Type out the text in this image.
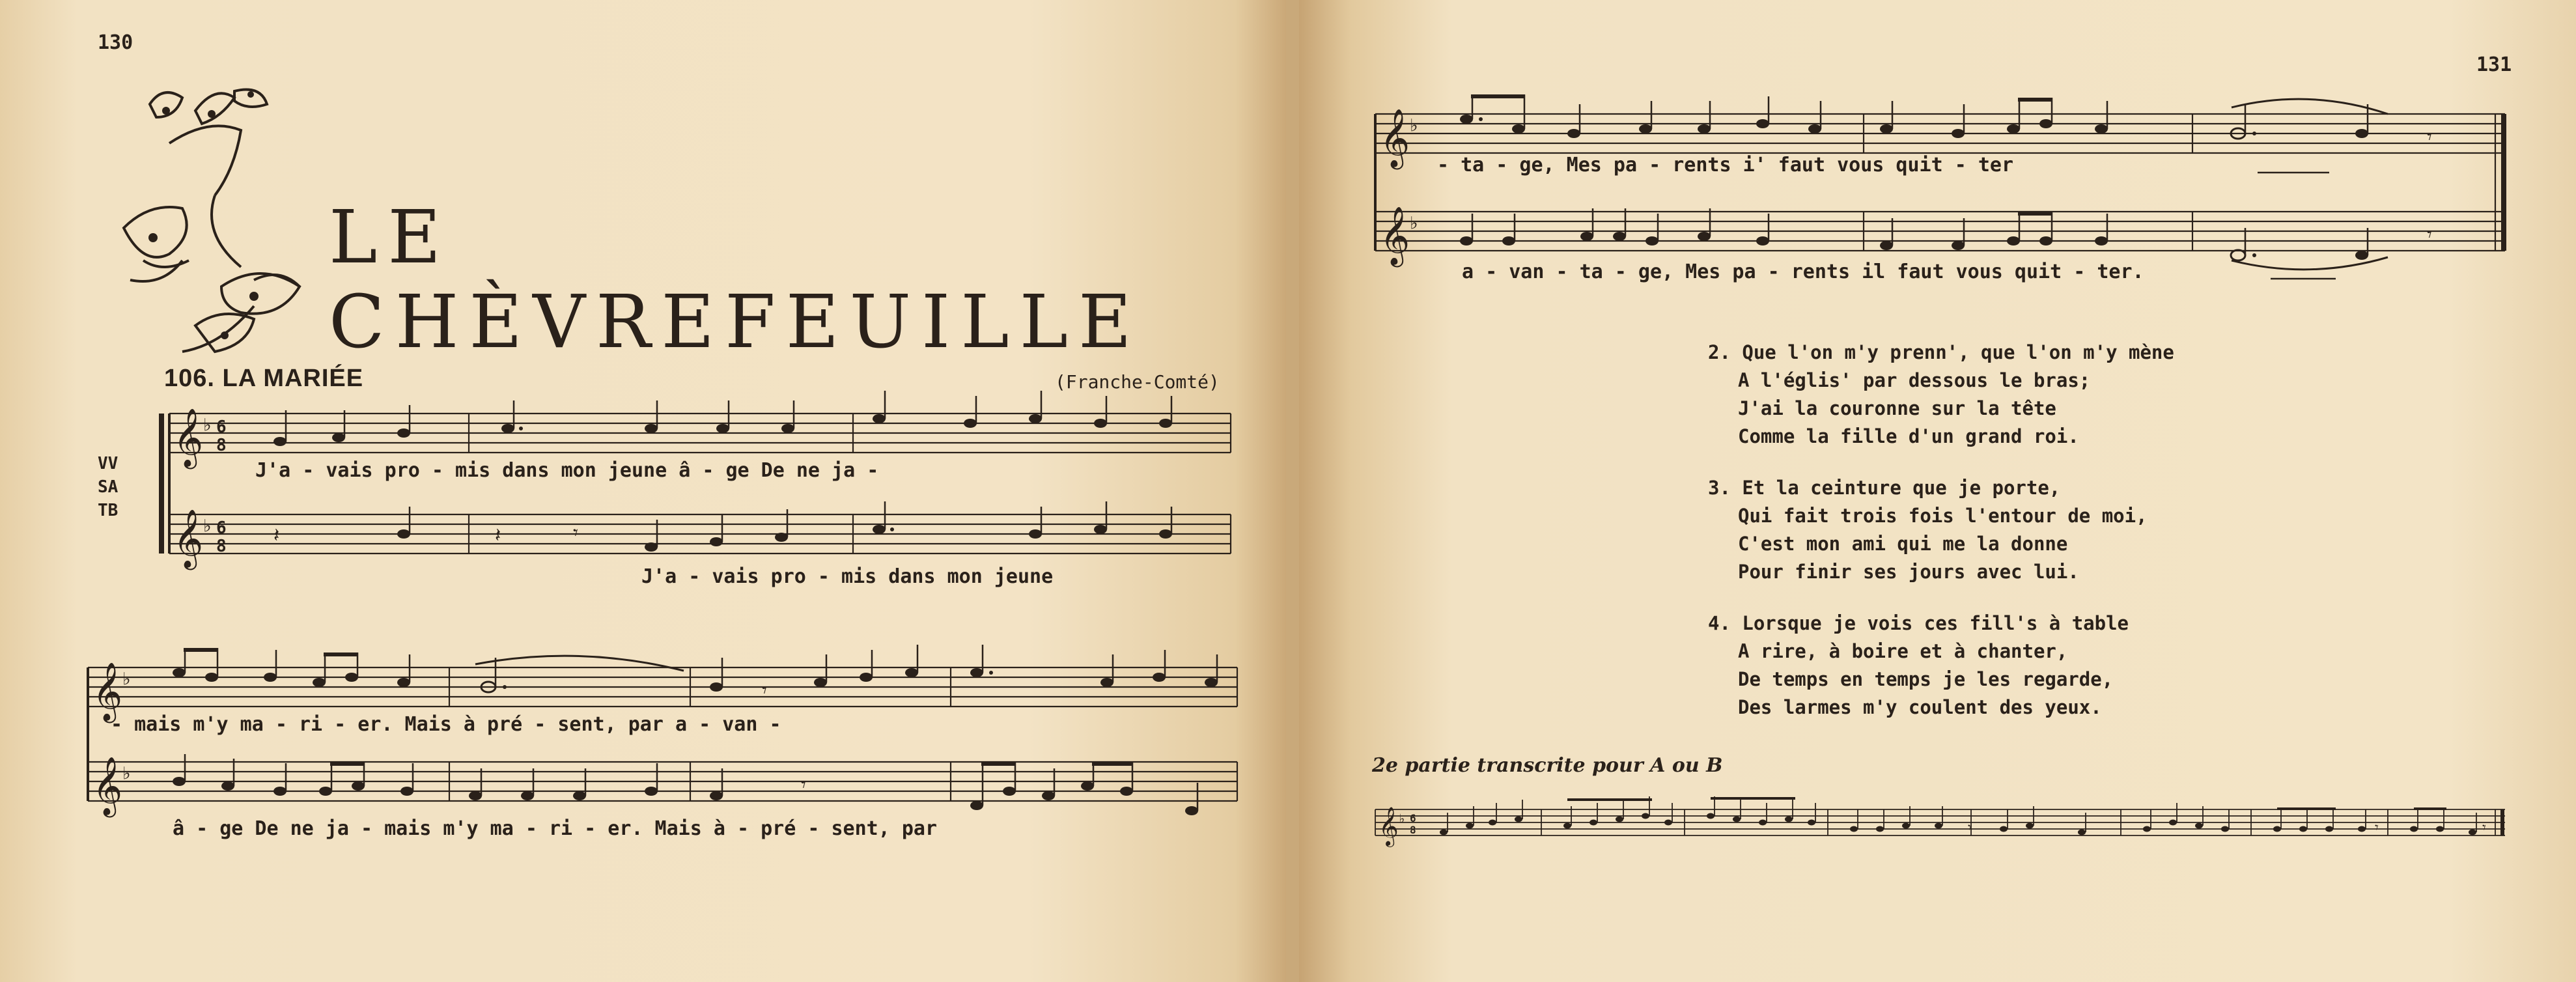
130
LE CHÈVREFEUILLE
106. LA MARIÉE	(Franche-Comté)
VV
SA
TB
𝄞
𝄞
♭
♭
6
8
6
8 𝄽	𝄽	𝄾
J'a - vais pro - mis dans mon jeune â - ge De ne ja -
J'a - vais pro - mis dans mon jeune
𝄞
𝄞
♭
♭
𝄾
𝄾
- mais m'y ma - ri - er. Mais à pré - sent, par a - van -
â - ge De ne ja - mais m'y ma - ri - er. Mais à - pré - sent, par
131
𝄞
𝄞
♭
♭
𝄾
𝄾
- ta - ge, Mes pa - rents i' faut vous quit - ter
a - van - ta - ge, Mes pa - rents il faut vous quit - ter.
2. Que l'on m'y prenn', que l'on m'y mène
A l'églis' par dessous le bras;
J'ai la couronne sur la tête
Comme la fille d'un grand roi.
3. Et la ceinture que je porte,
Qui fait trois fois l'entour de moi,
C'est mon ami qui me la donne
Pour finir ses jours avec lui.
4. Lorsque je vois ces fill's à table
A rire, à boire et à chanter,
De temps en temps je les regarde,
Des larmes m'y coulent des yeux.
2e partie transcrite pour A ou B
𝄞 ♭ 6
8	𝄾	𝄾	𝄾
